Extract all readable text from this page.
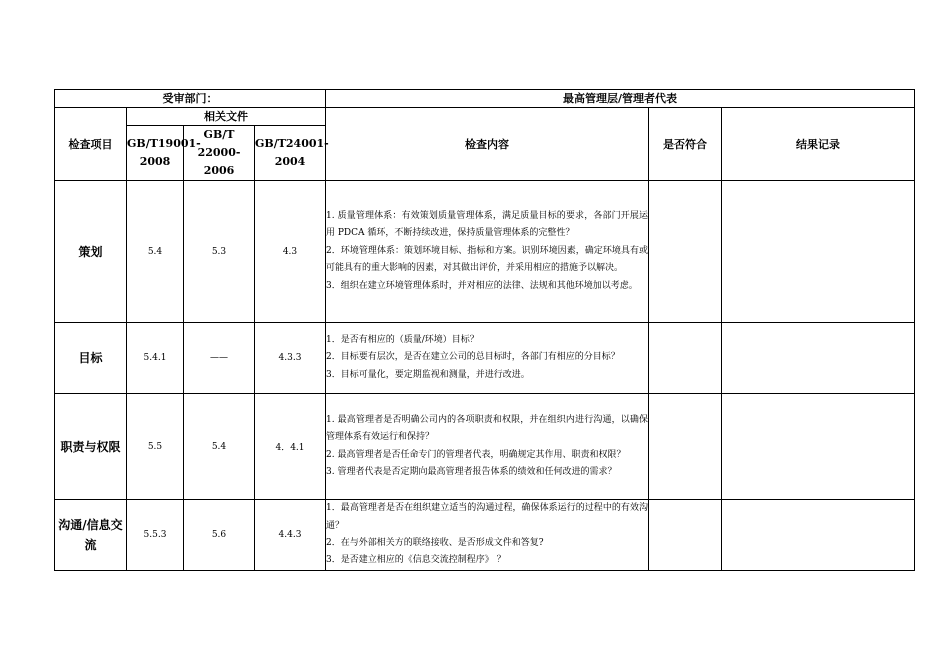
受审部门：				最高管理层/管理者代表		
检查项目	相关文件			检查内容	是否符合	结果记录
	GB/T19001-2008	GB/T 22000-2006	GB/T24001-2004			
策划	5.4	5.3	4.3	1. 质量管理体系：有效策划质量管理体系，满足质量目标的要求，各部门开展运用 PDCA 循环，不断持续改进，保持质量管理体系的完整性？
2．环境管理体系：策划环境目标、指标和方案。识别环境因素，确定环境具有或可能具有的重大影响的因素，对其做出评价，并采用相应的措施予以解决。
3．组织在建立环境管理体系时，并对相应的法律、法规和其他环境加以考虑。		

目标	5.4.1	——	4.3.3	1．是否有相应的（质量/环境）目标？
2．目标要有层次，是否在建立公司的总目标时，各部门有相应的分目标？
3．目标可量化，要定期监视和测量，并进行改进。		

职责与权限	5.5	5.4	4．4.1	1. 最高管理者是否明确公司内的各项职责和权限，并在组织内进行沟通，以确保管理体系有效运行和保持？
2. 最高管理者是否任命专门的管理者代表，明确规定其作用、职责和权限？
3. 管理者代表是否定期向最高管理者报告体系的绩效和任何改进的需求？		

沟通/信息交流	5.5.3	5.6	4.4.3	1．最高管理者是否在组织建立适当的沟通过程，确保体系运行的过程中的有效沟通？
2．在与外部相关方的联络接收、是否形成文件和答复?
3．是否建立相应的《信息交流控制程序》 ？		
